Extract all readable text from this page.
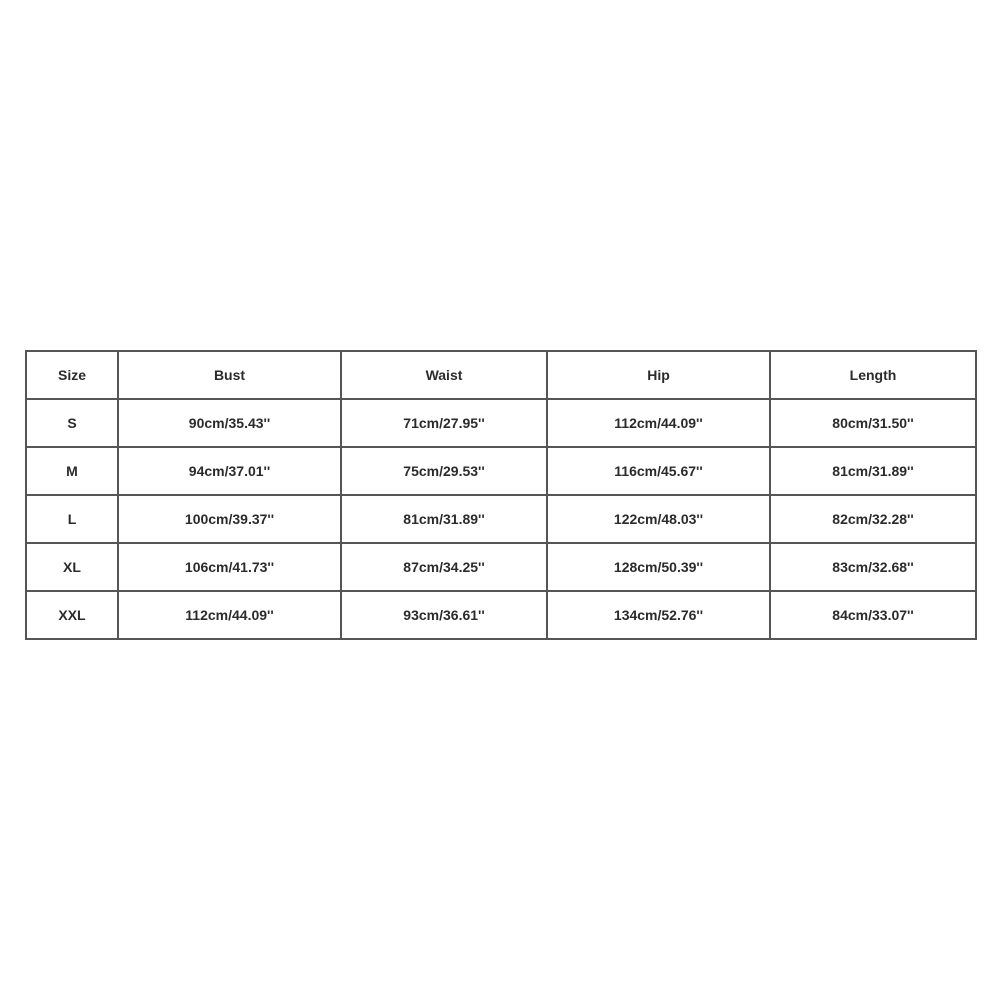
Size	Bust	Waist	Hip	Length
S	90cm/35.43''	71cm/27.95''	112cm/44.09''	80cm/31.50''
M	94cm/37.01''	75cm/29.53''	116cm/45.67''	81cm/31.89''
L	100cm/39.37''	81cm/31.89''	122cm/48.03''	82cm/32.28''
XL	106cm/41.73''	87cm/34.25''	128cm/50.39''	83cm/32.68''
XXL	112cm/44.09''	93cm/36.61''	134cm/52.76''	84cm/33.07''
